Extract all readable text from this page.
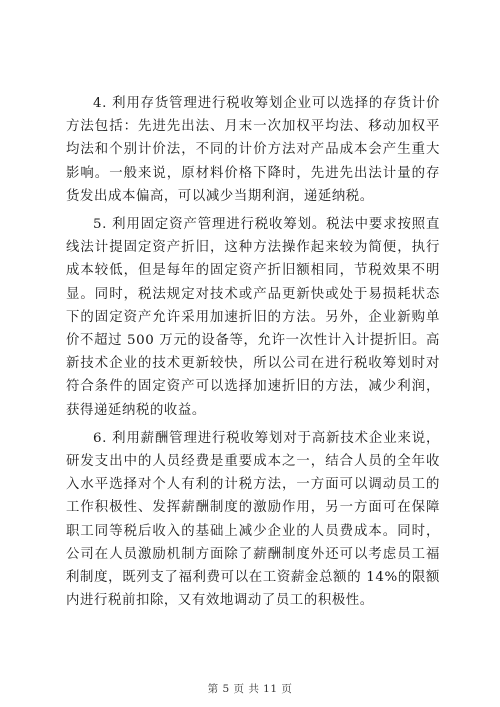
4. 利用存货管理进行税收筹划企业可以选择的存货计价方法包括：先进先出法、月末一次加权平均法、移动加权平均法和个别计价法，不同的计价方法对产品成本会产生重大影响。一般来说，原材料价格下降时，先进先出法计量的存货发出成本偏高，可以减少当期利润，递延纳税。

5. 利用固定资产管理进行税收筹划。税法中要求按照直线法计提固定资产折旧，这种方法操作起来较为简便，执行成本较低，但是每年的固定资产折旧额相同，节税效果不明显。同时，税法规定对技术或产品更新快或处于易损耗状态下的固定资产允许采用加速折旧的方法。另外，企业新购单价不超过 500 万元的设备等，允许一次性计入计提折旧。高新技术企业的技术更新较快，所以公司在进行税收筹划时对符合条件的固定资产可以选择加速折旧的方法，减少利润，获得递延纳税的收益。

6. 利用薪酬管理进行税收筹划对于高新技术企业来说，研发支出中的人员经费是重要成本之一，结合人员的全年收入水平选择对个人有利的计税方法，一方面可以调动员工的工作积极性、发挥薪酬制度的激励作用，另一方面可在保障职工同等税后收入的基础上减少企业的人员费成本。同时，公司在人员激励机制方面除了薪酬制度外还可以考虑员工福利制度，既列支了福利费可以在工资薪金总额的 14%的限额内进行税前扣除，又有效地调动了员工的积极性。

第 5 页 共 11 页
